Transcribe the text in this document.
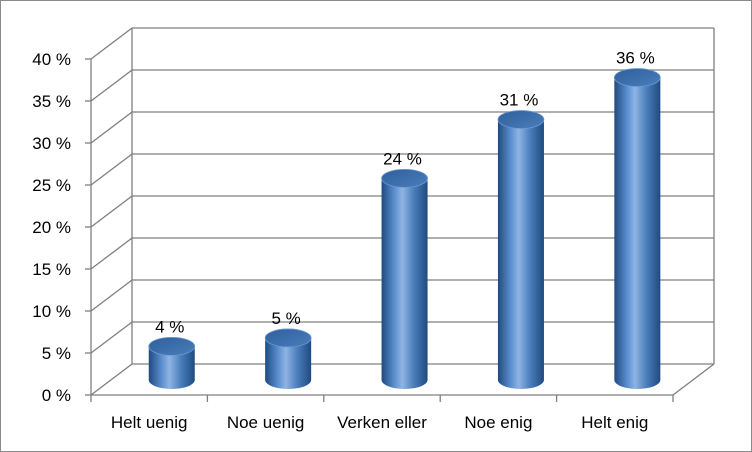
0 %
5 %
10 %
15 %
20 %
25 %
30 %
35 %
40 %
4 %	5 %
24 %
31 %
36 %
Helt uenig Noe uenig Verken eller Noe enig	Helt enig
